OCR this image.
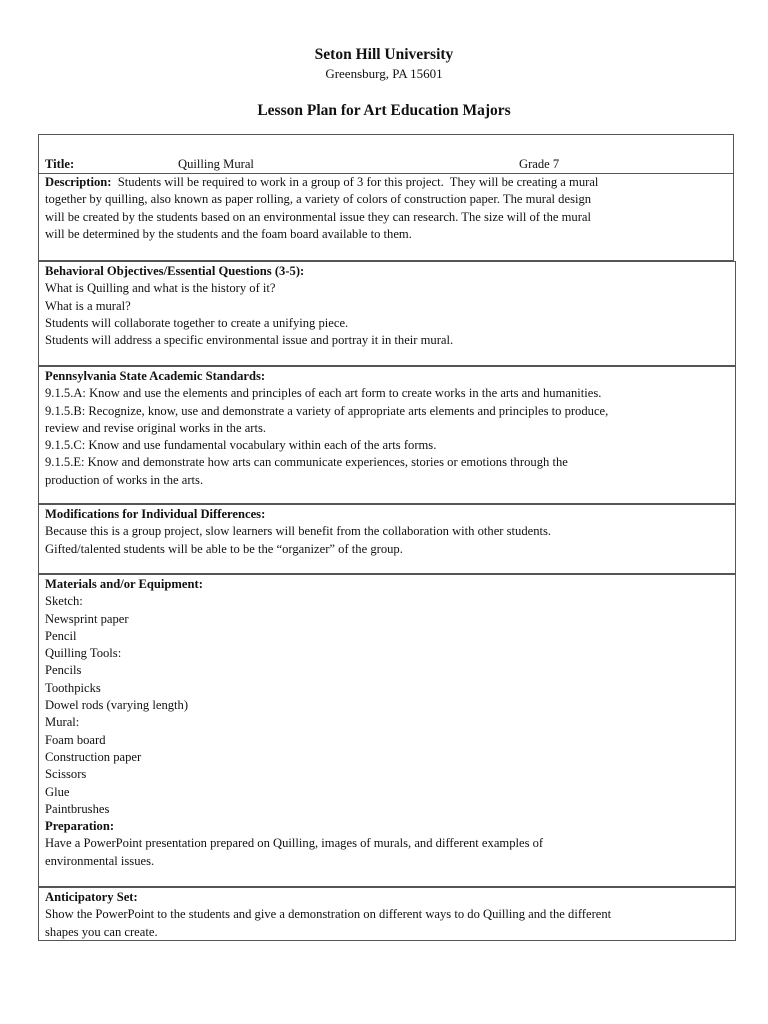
Seton Hill University
Greensburg, PA 15601
Lesson Plan for Art Education Majors
Title:	Quilling Mural	Grade 7

Description:  Students will be required to work in a group of 3 for this project.  They will be creating a mural

together by quilling, also known as paper rolling, a variety of colors of construction paper. The mural design

will be created by the students based on an environmental issue they can research. The size will of the mural

will be determined by the students and the foam board available to them.

Behavioral Objectives/Essential Questions (3-5):

What is Quilling and what is the history of it?

What is a mural?

Students will collaborate together to create a unifying piece.

Students will address a specific environmental issue and portray it in their mural.

Pennsylvania State Academic Standards:

9.1.5.A: Know and use the elements and principles of each art form to create works in the arts and humanities.

9.1.5.B: Recognize, know, use and demonstrate a variety of appropriate arts elements and principles to produce,

review and revise original works in the arts.

9.1.5.C: Know and use fundamental vocabulary within each of the arts forms.

9.1.5.E: Know and demonstrate how arts can communicate experiences, stories or emotions through the

production of works in the arts.

Modifications for Individual Differences:

Because this is a group project, slow learners will benefit from the collaboration with other students.

Gifted/talented students will be able to be the “organizer” of the group.

Materials and/or Equipment:

Sketch:

Newsprint paper

Pencil

Quilling Tools:

Pencils

Toothpicks

Dowel rods (varying length)

Mural:

Foam board

Construction paper

Scissors

Glue

Paintbrushes

Preparation:

Have a PowerPoint presentation prepared on Quilling, images of murals, and different examples of

environmental issues.

Anticipatory Set:

Show the PowerPoint to the students and give a demonstration on different ways to do Quilling and the different

shapes you can create.
